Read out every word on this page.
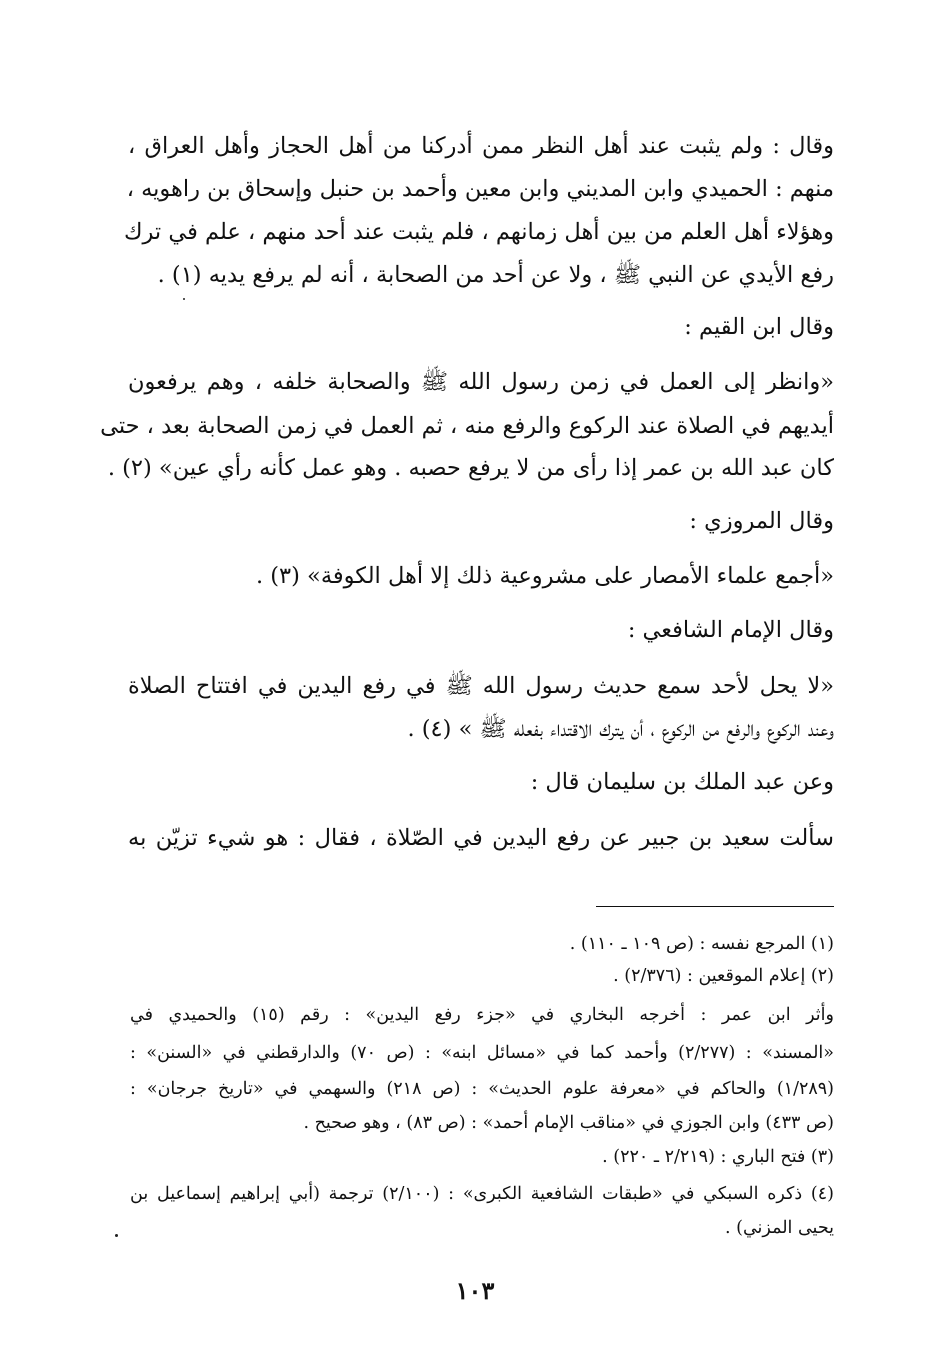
وقال : ولم يثبت عند أهل النظر ممن أدركنا من أهل الحجاز وأهل العراق ،
منهم : الحميدي وابن المديني وابن معين وأحمد بن حنبل وإسحاق بن راهويه ،
وهؤلاء أهل العلم من بين أهل زمانهم ، فلم يثبت عند أحد منهم ، علم في ترك
رفع الأيدي عن النبي ﷺ ، ولا عن أحد من الصحابة ، أنه لم يرفع يديه (١) .
وقال ابن القيم :
«وانظر إلى العمل في زمن رسول الله ﷺ والصحابة خلفه ، وهم يرفعون
أيديهم في الصلاة عند الركوع والرفع منه ، ثم العمل في زمن الصحابة بعد ، حتى
كان عبد الله بن عمر إذا رأى من لا يرفع حصبه . وهو عمل كأنه رأي عين» (٢) .
وقال المروزي :
«أجمع علماء الأمصار على مشروعية ذلك إلا أهل الكوفة» (٣) .
وقال الإمام الشافعي :
«لا يحل لأحد سمع حديث رسول الله ﷺ في رفع اليدين في افتتاح الصلاة
وعند الركوع والرفع من الركوع ، أن يترك الاقتداء بفعله ﷺ » (٤) .
وعن عبد الملك بن سليمان قال :
سألت سعيد بن جبير عن رفع اليدين في الصّلاة ، فقال : هو شيء تزيّن به
(١) المرجع نفسه : (ص ١٠٩ ـ ١١٠) .
(٢) إعلام الموقعين : (٢/٣٧٦) .
وأثر ابن عمر : أخرجه البخاري في «جزء رفع اليدين» : رقم (١٥) والحميدي في
«المسند» : (٢/٢٧٧) وأحمد كما في «مسائل ابنه» : (ص ٧٠) والدارقطني في «السنن» :
(١/٢٨٩) والحاكم في «معرفة علوم الحديث» : (ص ٢١٨) والسهمي في «تاريخ جرجان» :
(ص ٤٣٣) وابن الجوزي في «مناقب الإمام أحمد» : (ص ٨٣) ، وهو صحيح .
(٣) فتح الباري : (٢/٢١٩ ـ ٢٢٠) .
(٤) ذكره السبكي في «طبقات الشافعية الكبرى» : (٢/١٠٠) ترجمة (أبي إبراهيم إسماعيل بن
يحيى المزني) .
١٠٣
